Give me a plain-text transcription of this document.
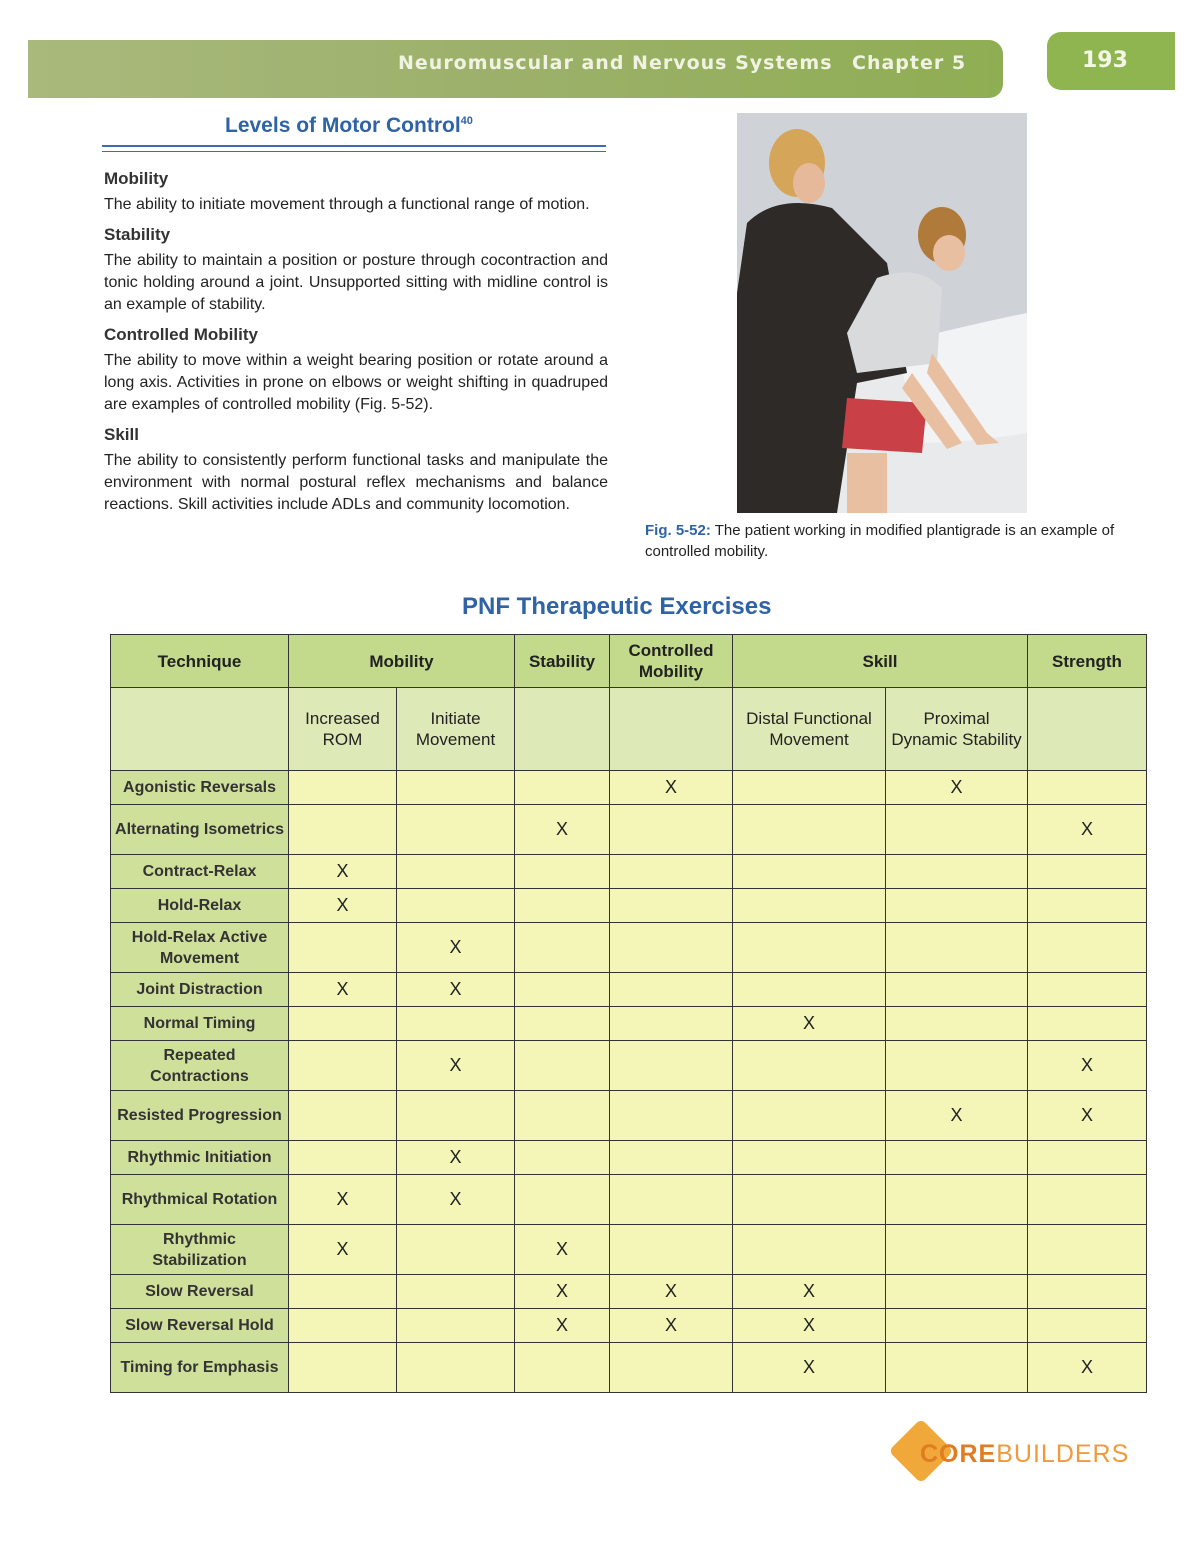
Neuromuscular and Nervous Systems Chapter 5	193
Levels of Motor Control$^{40}$
Mobility
The ability to initiate movement through a functional range of motion.
Stability
The ability to maintain a position or posture through cocontraction and tonic holding around a joint. Unsupported sitting with midline control is an example of stability.
Controlled Mobility
The ability to move within a weight bearing position or rotate around a long axis. Activities in prone on elbows or weight shifting in quadruped are examples of controlled mobility (Fig. 5-52).
Skill
The ability to consistently perform functional tasks and manipulate the environment with normal postural reflex mechanisms and balance reactions. Skill activities include ADLs and community locomotion.
Fig. 5-52: The patient working in modified plantigrade is an example of controlled mobility.
PNF Therapeutic Exercises
Technique	Mobility		Stability	Controlled Mobility	Skill		Strength
	Increased ROM	Initiate Movement			Distal Functional Movement	Proximal Dynamic Stability	
Agonistic Reversals				X		X	
Alternating Isometrics			X				X
Contract-Relax	X						
Hold-Relax	X						
Hold-Relax Active Movement		X					
Joint Distraction	X	X					
Normal Timing					X		
Repeated Contractions		X					X
Resisted Progression						X	X
Rhythmic Initiation		X					
Rhythmical Rotation	X	X					
Rhythmic Stabilization	X		X				
Slow Reversal			X	X	X		
Slow Reversal Hold			X	X	X		
Timing for Emphasis					X		X
COREBUILDERS
